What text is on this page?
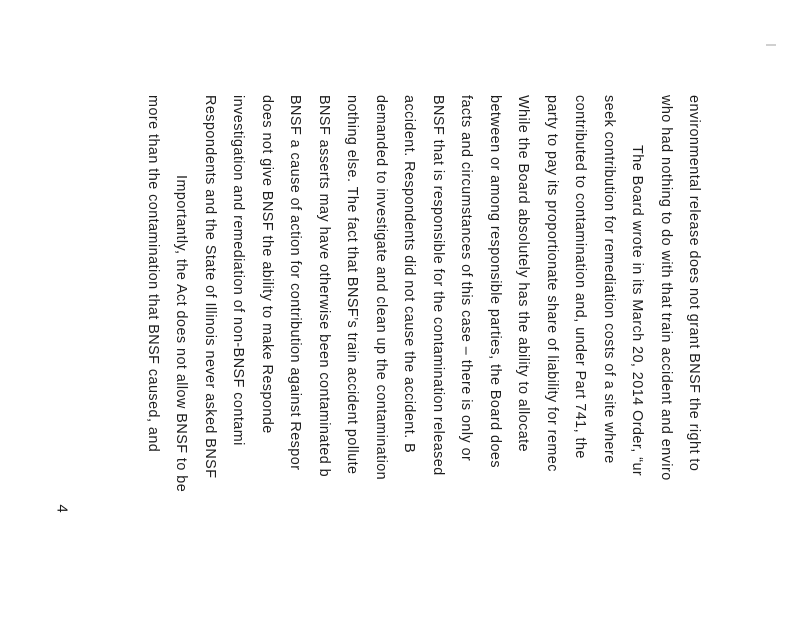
environmental release does not grant BNSF the right to

who had nothing to do with that train accident and enviro

The Board wrote in its March 20, 2014 Order, “ur

seek contribution for remediation costs of a site where

contributed to contamination and, under Part 741, the

party to pay its proportionate share of liability for remec

While the Board absolutely has the ability to allocate

between or among responsible parties, the Board does

facts and circumstances of this case – there is only or

BNSF that is responsible for the contamination released

accident. Respondents did not cause the accident. B

demanded to investigate and clean up the contamination

nothing else. The fact that BNSF’s train accident pollute

BNSF asserts may have otherwise been contaminated b

BNSF a cause of action for contribution against Respor

does not give BNSF the ability to make Responde

investigation and remediation of non-BNSF contami

Respondents and the State of Illinois never asked BNSF

Importantly, the Act does not allow BNSF to be

more than the contamination that BNSF caused, and

4
